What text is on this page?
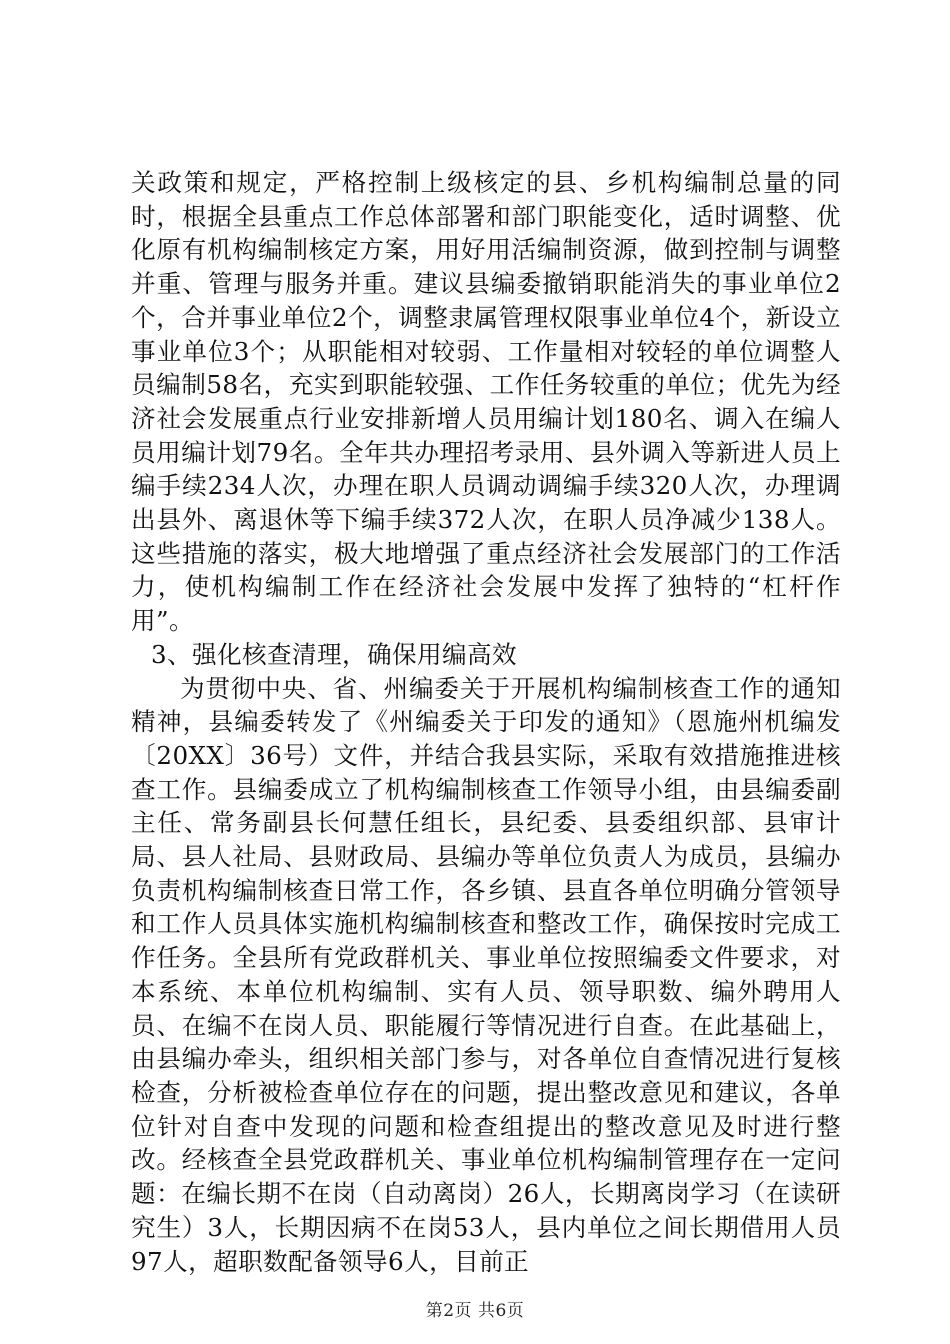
关政策和规定，严格控制上级核定的县、乡机构编制总量的同时，根据全县重点工作总体部署和部门职能变化，适时调整、优化原有机构编制核定方案，用好用活编制资源，做到控制与调整并重、管理与服务并重。建议县编委撤销职能消失的事业单位2个，合并事业单位2个，调整隶属管理权限事业单位4个，新设立事业单位3个；从职能相对较弱、工作量相对较轻的单位调整人员编制58名，充实到职能较强、工作任务较重的单位；优先为经济社会发展重点行业安排新增人员用编计划180名、调入在编人员用编计划79名。全年共办理招考录用、县外调入等新进人员上编手续234人次，办理在职人员调动调编手续320人次，办理调出县外、离退休等下编手续372人次，在职人员净减少138人。这些措施的落实，极大地增强了重点经济社会发展部门的工作活力，使机构编制工作在经济社会发展中发挥了独特的“杠杆作用”。

3、强化核查清理，确保用编高效

为贯彻中央、省、州编委关于开展机构编制核查工作的通知精神，县编委转发了《州编委关于印发的通知》（恩施州机编发〔20XX〕36号）文件，并结合我县实际，采取有效措施推进核查工作。县编委成立了机构编制核查工作领导小组，由县编委副主任、常务副县长何慧任组长，县纪委、县委组织部、县审计局、县人社局、县财政局、县编办等单位负责人为成员，县编办负责机构编制核查日常工作，各乡镇、县直各单位明确分管领导和工作人员具体实施机构编制核查和整改工作，确保按时完成工作任务。全县所有党政群机关、事业单位按照编委文件要求，对本系统、本单位机构编制、实有人员、领导职数、编外聘用人员、在编不在岗人员、职能履行等情况进行自查。在此基础上，由县编办牵头，组织相关部门参与，对各单位自查情况进行复核检查，分析被检查单位存在的问题，提出整改意见和建议，各单位针对自查中发现的问题和检查组提出的整改意见及时进行整改。经核查全县党政群机关、事业单位机构编制管理存在一定问题：在编长期不在岗（自动离岗）26人，长期离岗学习（在读研究生）3人，长期因病不在岗53人，县内单位之间长期借用人员97人，超职数配备领导6人，目前正

第2页 共6页
